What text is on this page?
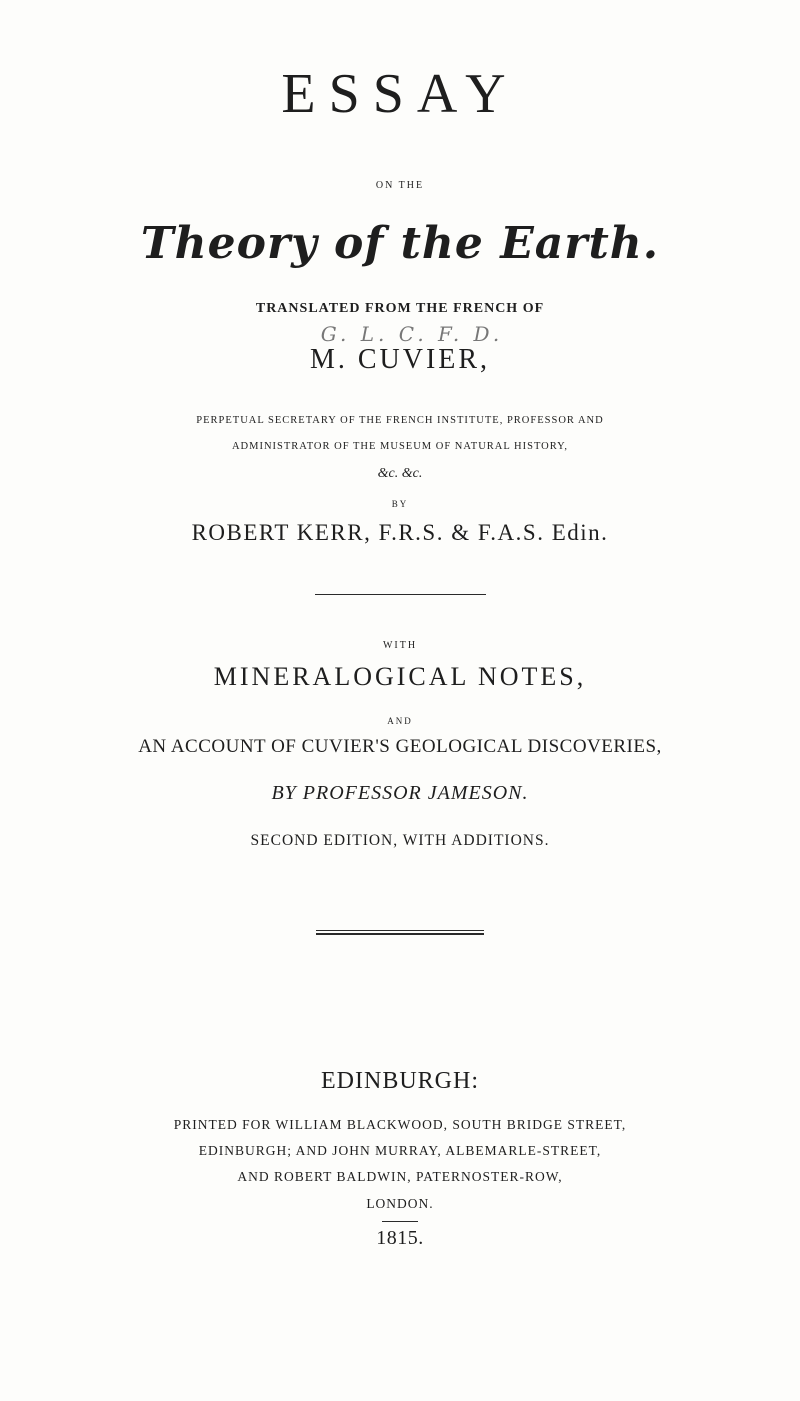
ESSAY

ON THE

Theory of the Earth.

TRANSLATED FROM THE FRENCH OF

G. L. C. F. D.

M. CUVIER,

PERPETUAL SECRETARY OF THE FRENCH INSTITUTE, PROFESSOR AND

ADMINISTRATOR OF THE MUSEUM OF NATURAL HISTORY,

&c. &c.

BY

ROBERT KERR, F.R.S. & F.A.S. Edin.

WITH

MINERALOGICAL NOTES,

AND

AN ACCOUNT OF CUVIER'S GEOLOGICAL DISCOVERIES,

BY PROFESSOR JAMESON.

SECOND EDITION, WITH ADDITIONS.

EDINBURGH:

PRINTED FOR WILLIAM BLACKWOOD, SOUTH BRIDGE STREET,

EDINBURGH; AND JOHN MURRAY, ALBEMARLE-STREET,

AND ROBERT BALDWIN, PATERNOSTER-ROW,

LONDON.

1815.
